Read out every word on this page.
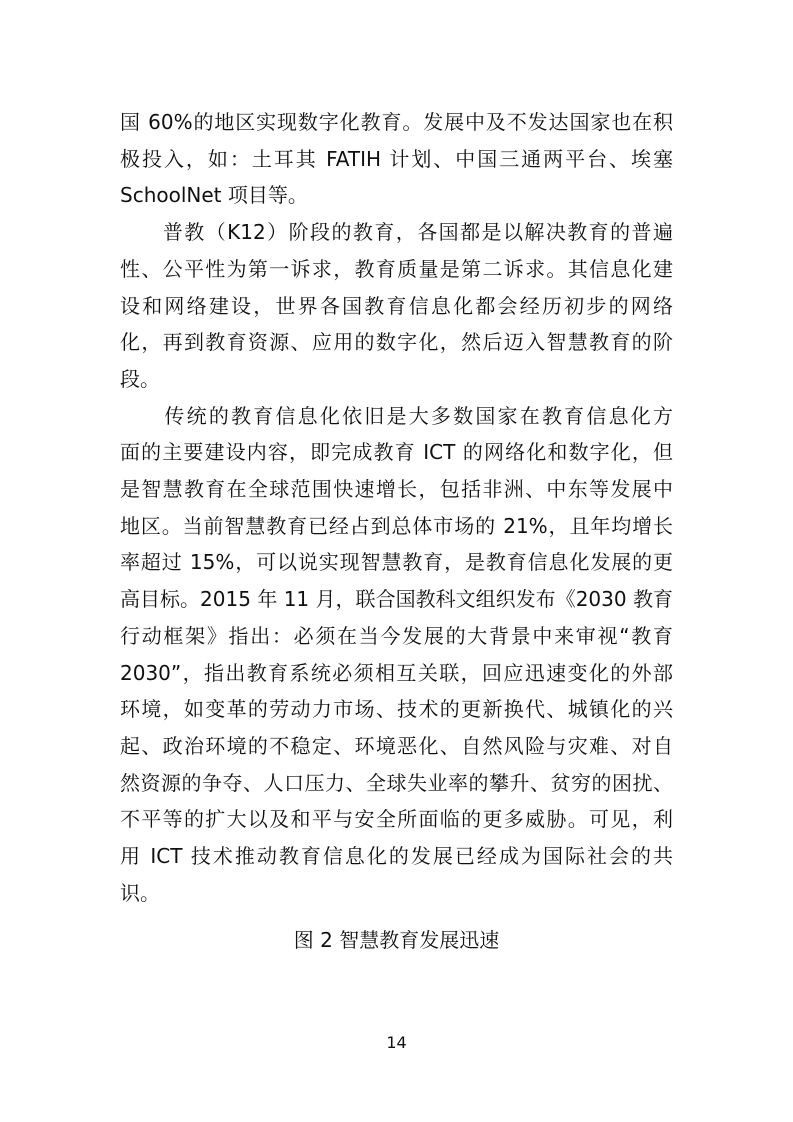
国 60%的地区实现数字化教育。发展中及不发达国家也在积
极投入，如：土耳其 FATIH 计划、中国三通两平台、埃塞
SchoolNet 项目等。
　　普教（K12）阶段的教育，各国都是以解决教育的普遍
性、公平性为第一诉求，教育质量是第二诉求。其信息化建
设和网络建设，世界各国教育信息化都会经历初步的网络
化，再到教育资源、应用的数字化，然后迈入智慧教育的阶
段。
　　传统的教育信息化依旧是大多数国家在教育信息化方
面的主要建设内容，即完成教育 ICT 的网络化和数字化，但
是智慧教育在全球范围快速增长，包括非洲、中东等发展中
地区。当前智慧教育已经占到总体市场的 21%，且年均增长
率超过 15%，可以说实现智慧教育，是教育信息化发展的更
高目标。2015 年 11 月，联合国教科文组织发布《2030 教育
行动框架》指出：必须在当今发展的大背景中来审视“教育
2030”，指出教育系统必须相互关联，回应迅速变化的外部
环境，如变革的劳动力市场、技术的更新换代、城镇化的兴
起、政治环境的不稳定、环境恶化、自然风险与灾难、对自
然资源的争夺、人口压力、全球失业率的攀升、贫穷的困扰、
不平等的扩大以及和平与安全所面临的更多威胁。可见，利
用 ICT 技术推动教育信息化的发展已经成为国际社会的共
识。
图 2 智慧教育发展迅速
14
